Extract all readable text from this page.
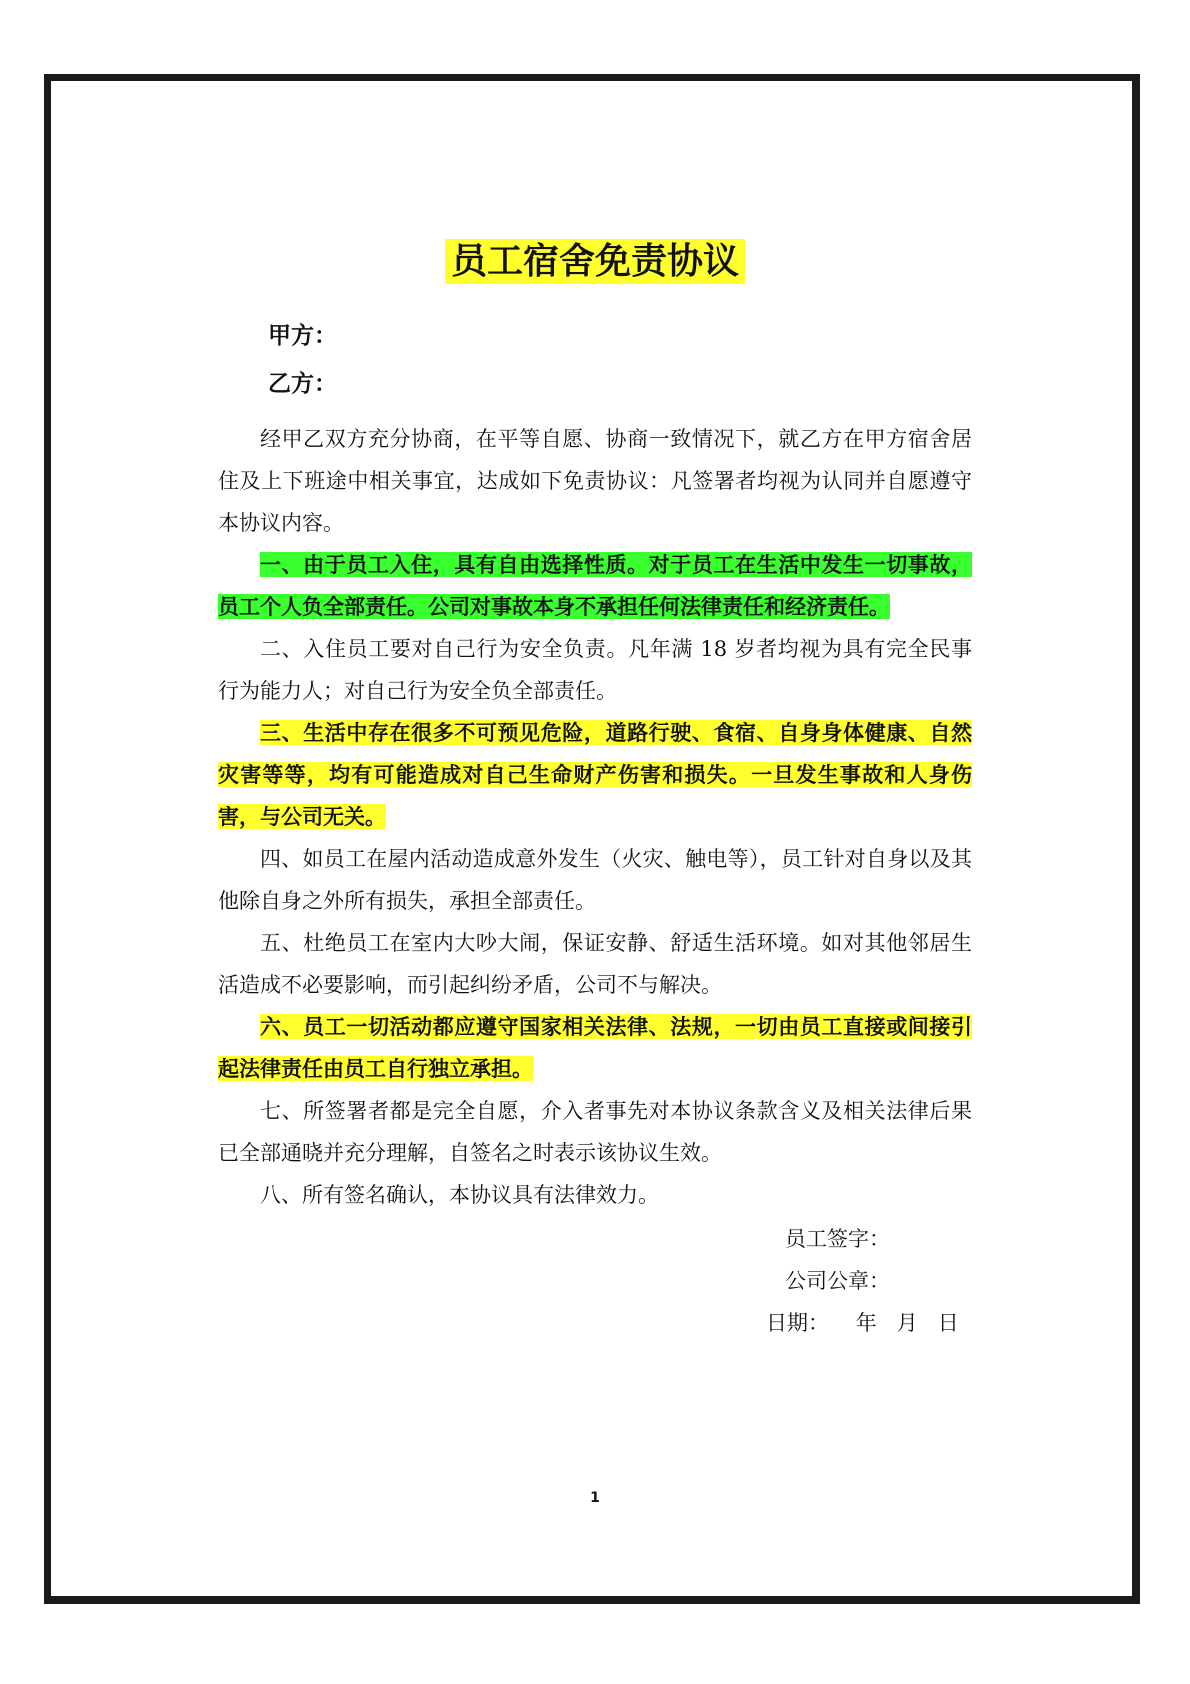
员工宿舍免责协议
甲方：
乙方：

经甲乙双方充分协商，在平等自愿、协商一致情况下，就乙方在甲方宿舍居住及上下班途中相关事宜，达成如下免责协议：凡签署者均视为认同并自愿遵守本协议内容。

一、由于员工入住，具有自由选择性质。对于员工在生活中发生一切事故，员工个人负全部责任。公司对事故本身不承担任何法律责任和经济责任。

二、入住员工要对自己行为安全负责。凡年满 18 岁者均视为具有完全民事行为能力人；对自己行为安全负全部责任。

三、生活中存在很多不可预见危险，道路行驶、食宿、自身身体健康、自然灾害等等，均有可能造成对自己生命财产伤害和损失。一旦发生事故和人身伤害，与公司无关。

四、如员工在屋内活动造成意外发生（火灾、触电等），员工针对自身以及其他除自身之外所有损失，承担全部责任。

五、杜绝员工在室内大吵大闹，保证安静、舒适生活环境。如对其他邻居生活造成不必要影响，而引起纠纷矛盾，公司不与解决。

六、员工一切活动都应遵守国家相关法律、法规，一切由员工直接或间接引起法律责任由员工自行独立承担。

七、所签署者都是完全自愿，介入者事先对本协议条款含义及相关法律后果已全部通晓并充分理解，自签名之时表示该协议生效。

八、所有签名确认，本协议具有法律效力。

员工签字：
公司公章：
日期：    年   月   日
1
